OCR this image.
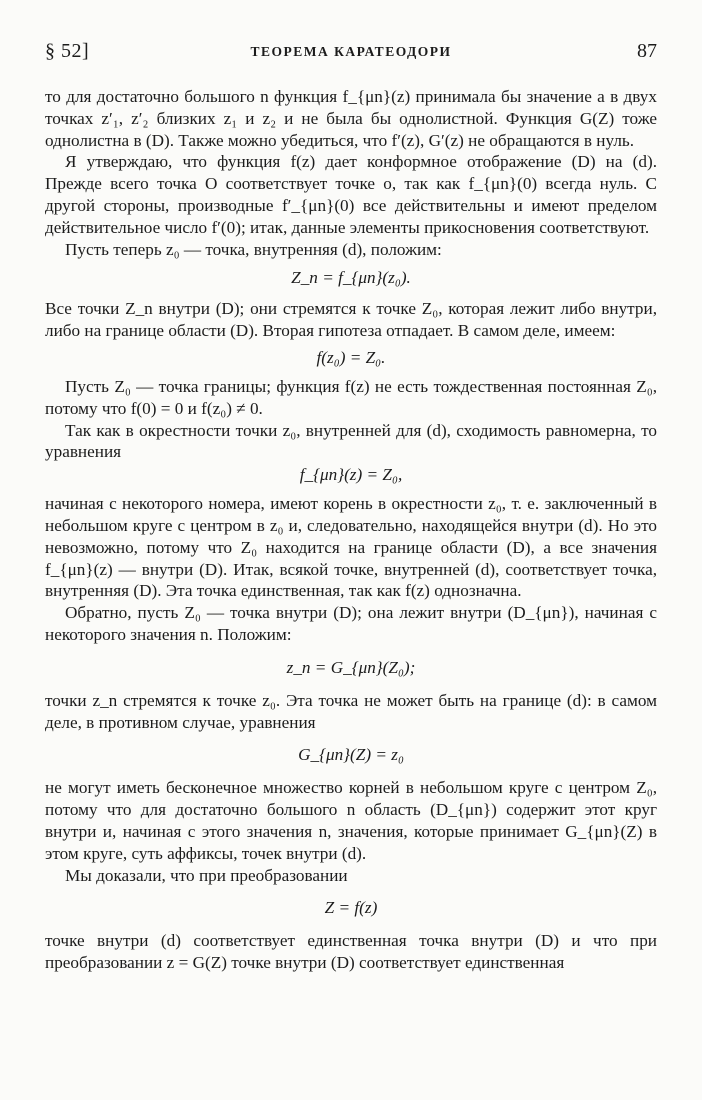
§ 52]	ТЕОРЕМА КАРАТЕОДОРИ	87

то для достаточно большого n функция f_{μn}(z) принимала бы значение a в двух точках z′₁, z′₂ близких z₁ и z₂ и не была бы однолистной. Функция G(Z) тоже однолистна в (D). Также можно убедиться, что f′(z), G′(z) не обращаются в нуль.

Я утверждаю, что функция f(z) дает конформное отображение (D) на (d). Прежде всего точка O соответствует точке o, так как f_{μn}(0) всегда нуль. С другой стороны, производные f′_{μn}(0) все действительны и имеют пределом действительное число f′(0); итак, данные элементы прикосновения соответствуют.

Пусть теперь z₀ — точка, внутренняя (d), положим:

Z_n = f_{μn}(z₀).

Все точки Z_n внутри (D); они стремятся к точке Z₀, которая лежит либо внутри, либо на границе области (D). Вторая гипотеза отпадает. В самом деле, имеем:

f(z₀) = Z₀.

Пусть Z₀ — точка границы; функция f(z) не есть тождественная постоянная Z₀, потому что f(0) = 0 и f(z₀) ≠ 0.

Так как в окрестности точки z₀, внутренней для (d), сходимость равномерна, то уравнения

f_{μn}(z) = Z₀,

начиная с некоторого номера, имеют корень в окрестности z₀, т. е. заключенный в небольшом круге с центром в z₀ и, следовательно, находящейся внутри (d). Но это невозможно, потому что Z₀ находится на границе области (D), а все значения f_{μn}(z) — внутри (D). Итак, всякой точке, внутренней (d), соответствует точка, внутренняя (D). Эта точка единственная, так как f(z) однозначна.

Обратно, пусть Z₀ — точка внутри (D); она лежит внутри (D_{μn}), начиная с некоторого значения n. Положим:

z_n = G_{μn}(Z₀);

точки z_n стремятся к точке z₀. Эта точка не может быть на границе (d): в самом деле, в противном случае, уравнения

G_{μn}(Z) = z₀

не могут иметь бесконечное множество корней в небольшом круге с центром Z₀, потому что для достаточно большого n область (D_{μn}) содержит этот круг внутри и, начиная с этого значения n, значения, которые принимает G_{μn}(Z) в этом круге, суть аффиксы, точек внутри (d).

Мы доказали, что при преобразовании

Z = f(z)

точке внутри (d) соответствует единственная точка внутри (D) и что при преобразовании z = G(Z) точке внутри (D) соответствует единственная
